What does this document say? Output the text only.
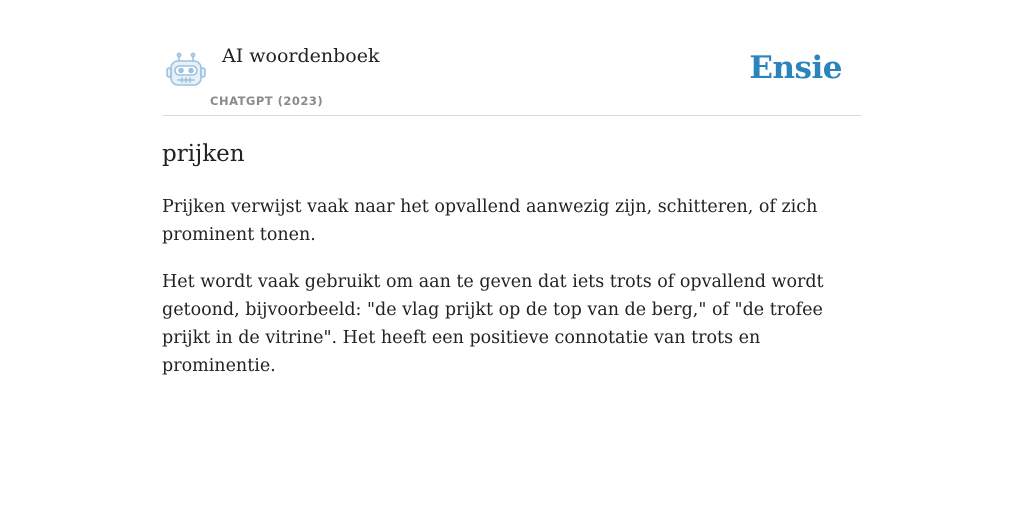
AI woordenboek
CHATGPT (2023)
Ensie
prijken

Prijken verwijst vaak naar het opvallend aanwezig zijn, schitteren, of zich prominent tonen.

Het wordt vaak gebruikt om aan te geven dat iets trots of opvallend wordt getoond, bijvoorbeeld: "de vlag prijkt op de top van de berg," of "de trofee prijkt in de vitrine". Het heeft een positieve connotatie van trots en prominentie.
